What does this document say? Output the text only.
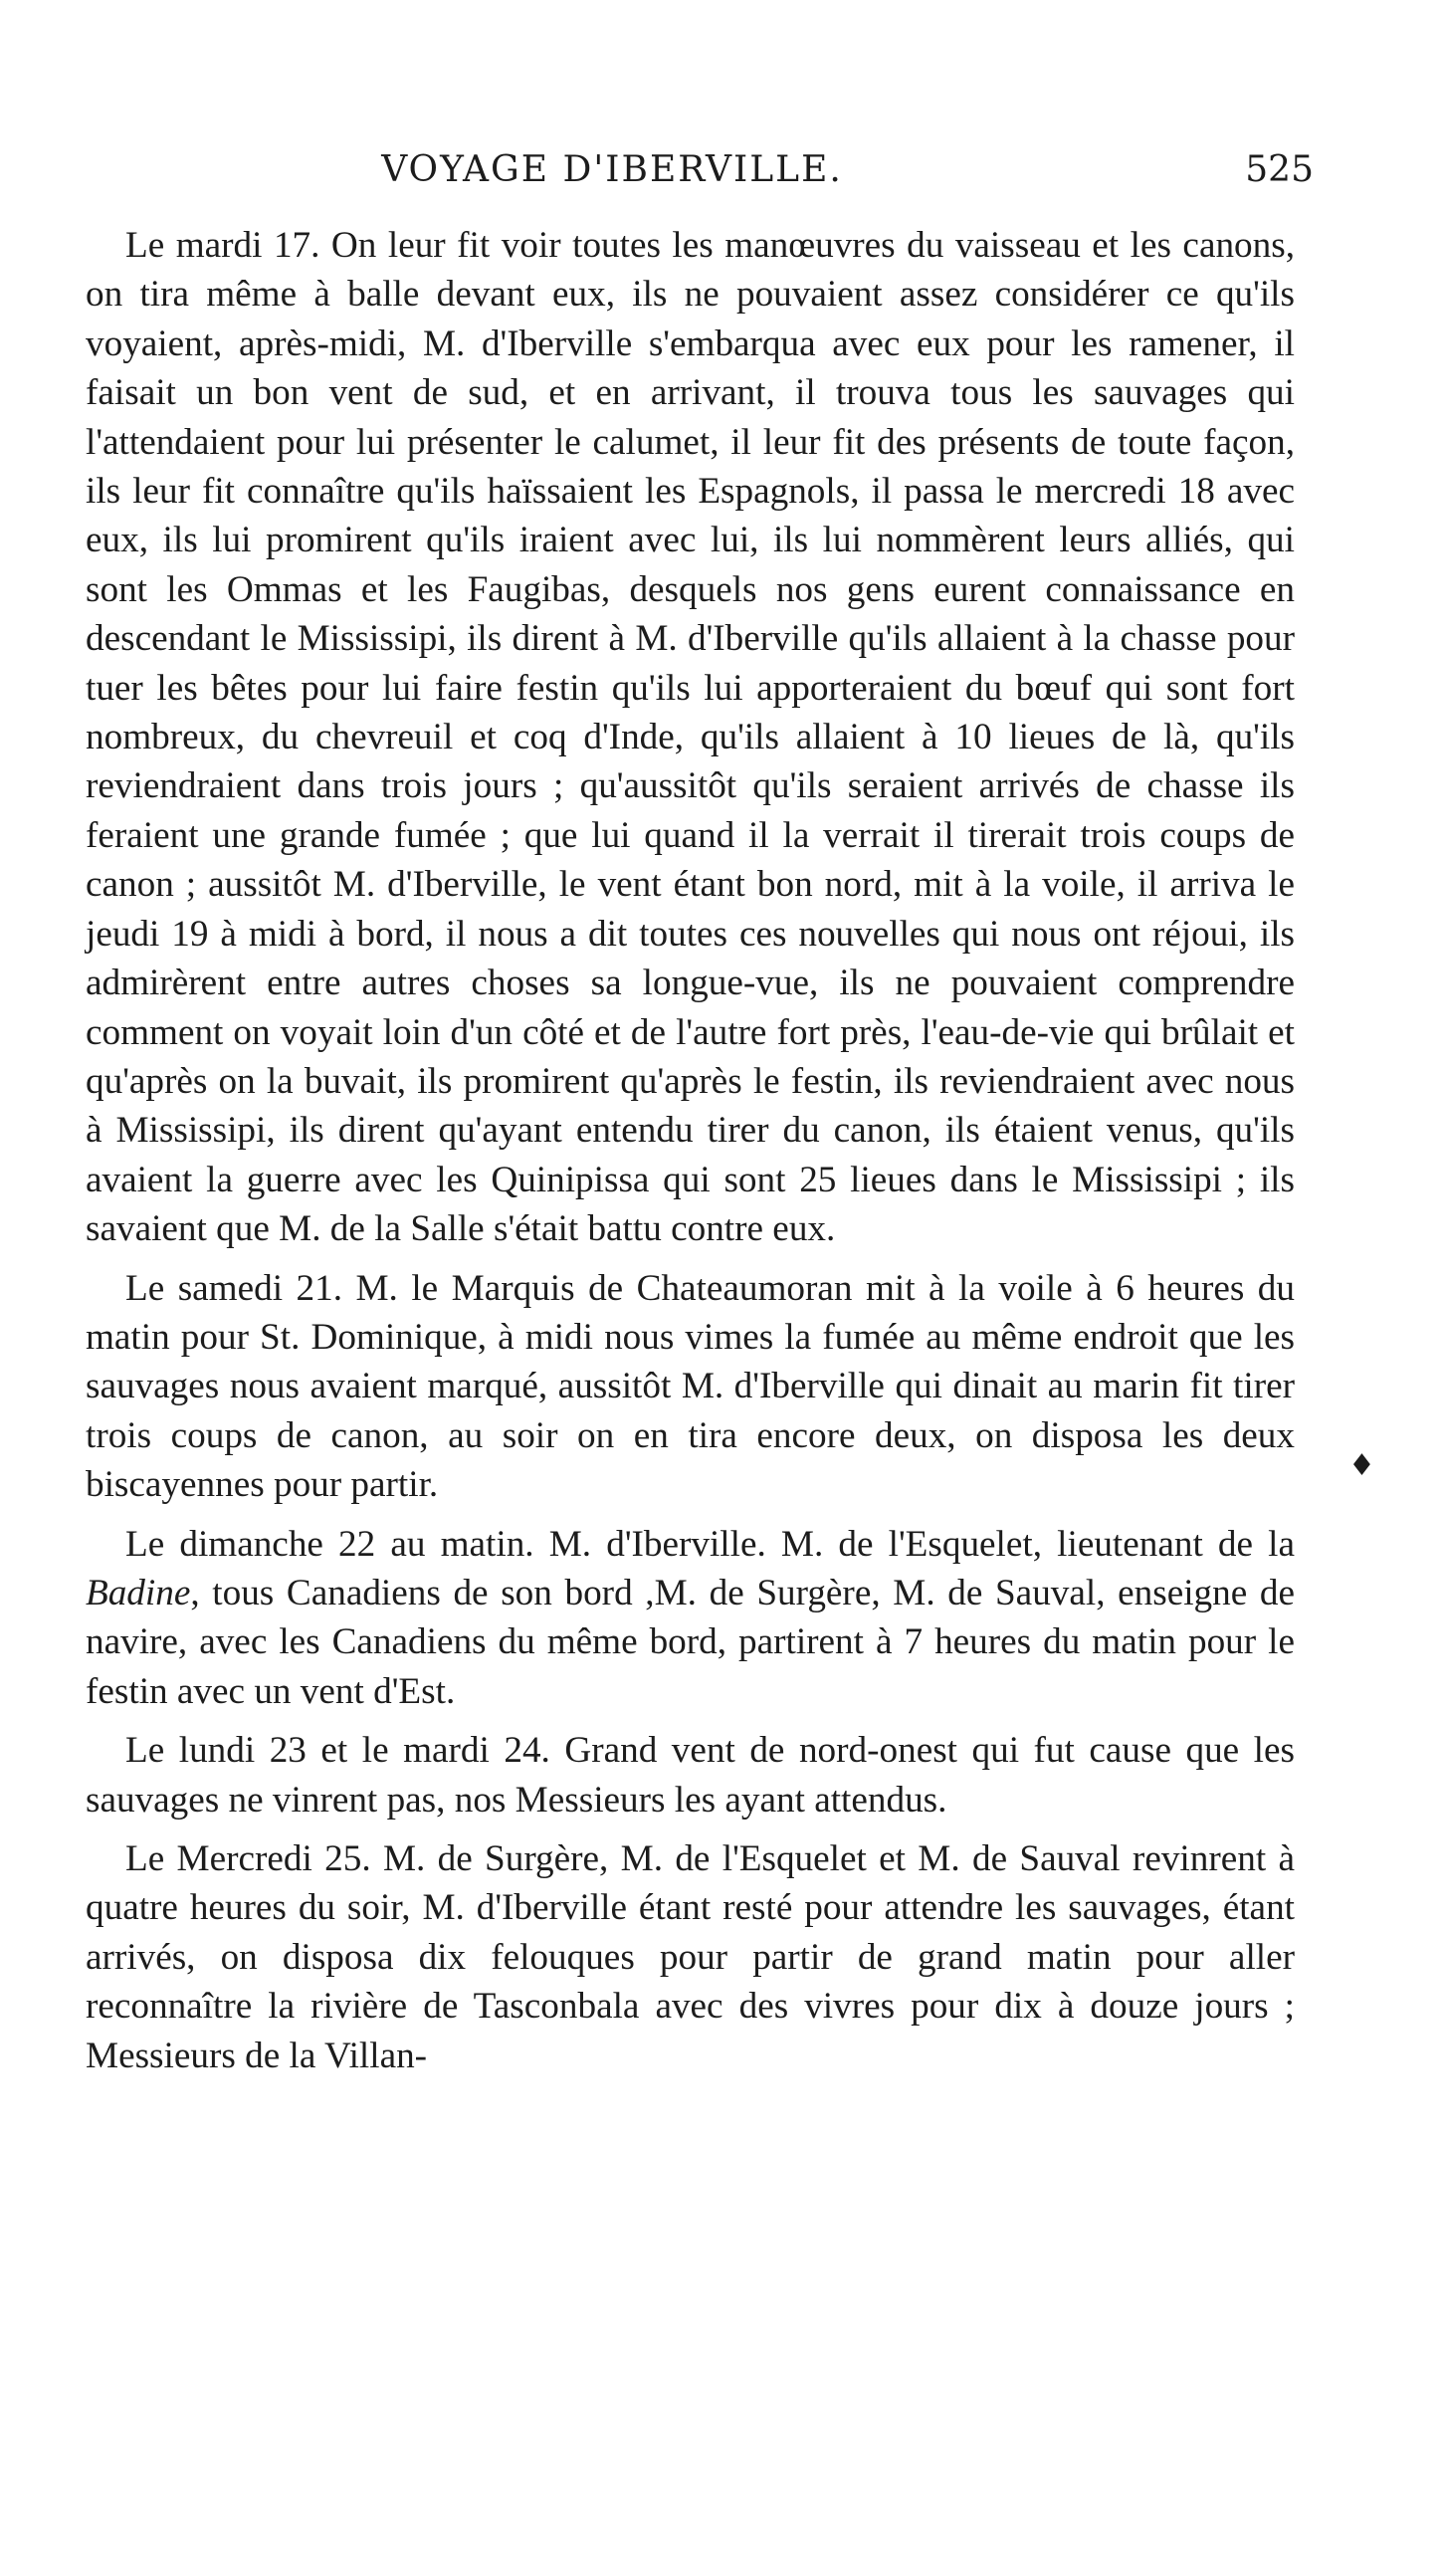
VOYAGE D'IBERVILLE.	525

Le mardi 17. On leur fit voir toutes les manœuvres du vaisseau et les canons, on tira même à balle devant eux, ils ne pouvaient assez considérer ce qu'ils voyaient, après-midi, M. d'Iberville s'embarqua avec eux pour les ramener, il faisait un bon vent de sud, et en arrivant, il trouva tous les sauvages qui l'attendaient pour lui présenter le calumet, il leur fit des présents de toute façon, ils leur fit connaître qu'ils haïssaient les Espagnols, il passa le mercredi 18 avec eux, ils lui promirent qu'ils iraient avec lui, ils lui nommèrent leurs alliés, qui sont les Ommas et les Faugibas, desquels nos gens eurent connaissance en descendant le Mississipi, ils dirent à M. d'Iberville qu'ils allaient à la chasse pour tuer les bêtes pour lui faire festin qu'ils lui apporteraient du bœuf qui sont fort nombreux, du chevreuil et coq d'Inde, qu'ils allaient à 10 lieues de là, qu'ils reviendraient dans trois jours ; qu'aussitôt qu'ils seraient arrivés de chasse ils feraient une grande fumée ; que lui quand il la verrait il tirerait trois coups de canon ; aussitôt M. d'Iberville, le vent étant bon nord, mit à la voile, il arriva le jeudi 19 à midi à bord, il nous a dit toutes ces nouvelles qui nous ont réjoui, ils admirèrent entre autres choses sa longue-vue, ils ne pouvaient comprendre comment on voyait loin d'un côté et de l'autre fort près, l'eau-de-vie qui brûlait et qu'après on la buvait, ils promirent qu'après le festin, ils reviendraient avec nous à Mississipi, ils dirent qu'ayant entendu tirer du canon, ils étaient venus, qu'ils avaient la guerre avec les Quinipissa qui sont 25 lieues dans le Mississipi ; ils savaient que M. de la Salle s'était battu contre eux.

Le samedi 21. M. le Marquis de Chateaumoran mit à la voile à 6 heures du matin pour St. Dominique, à midi nous vimes la fumée au même endroit que les sauvages nous avaient marqué, aussitôt M. d'Iberville qui dinait au marin fit tirer trois coups de canon, au soir on en tira encore deux, on disposa les deux biscayennes pour partir.

Le dimanche 22 au matin. M. d'Iberville. M. de l'Esquelet, lieutenant de la Badine, tous Canadiens de son bord ,M. de Surgère, M. de Sauval, enseigne de navire, avec les Canadiens du même bord, partirent à 7 heures du matin pour le festin avec un vent d'Est.

Le lundi 23 et le mardi 24. Grand vent de nord-onest qui fut cause que les sauvages ne vinrent pas, nos Messieurs les ayant attendus.

Le Mercredi 25. M. de Surgère, M. de l'Esquelet et M. de Sauval revinrent à quatre heures du soir, M. d'Iberville étant resté pour attendre les sauvages, étant arrivés, on disposa dix felouques pour partir de grand matin pour aller reconnaître la rivière de Tasconbala avec des vivres pour dix à douze jours ; Messieurs de la Villan-

♦
